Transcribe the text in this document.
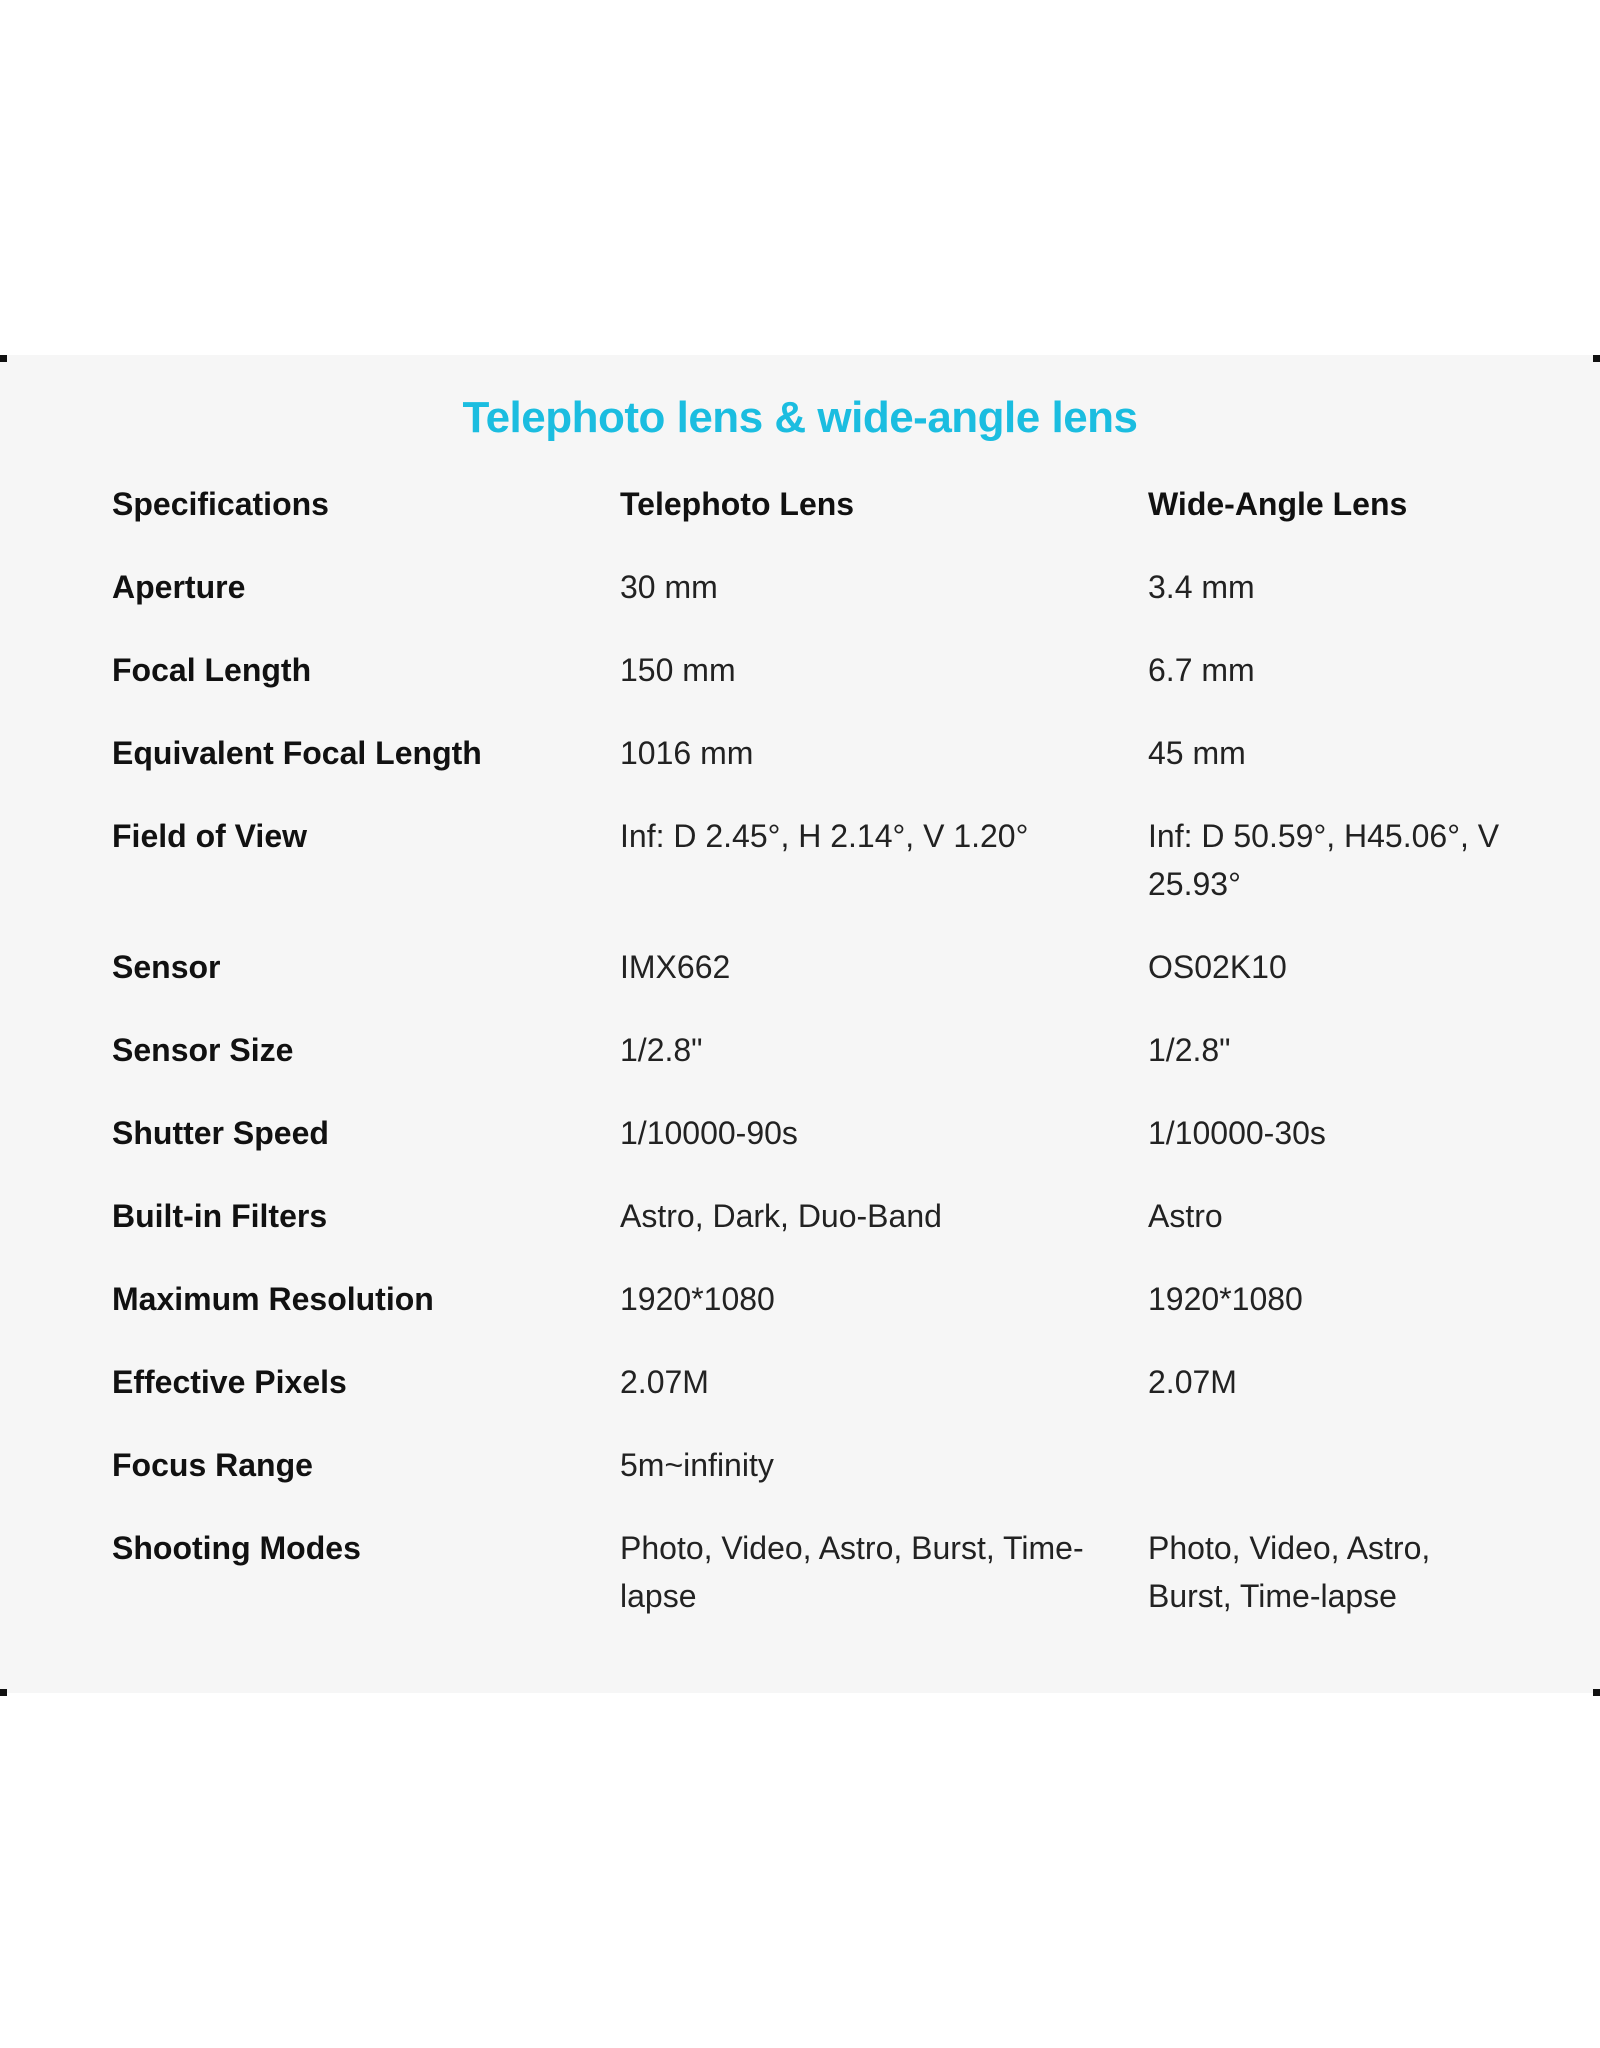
Telephoto lens & wide-angle lens
Specifications	Telephoto Lens	Wide-Angle Lens
Aperture	30 mm	3.4 mm
Focal Length	150 mm	6.7 mm
Equivalent Focal Length	1016 mm	45 mm
Field of View	Inf: D 2.45°, H 2.14°, V 1.20°	Inf: D 50.59°, H45.06°, V 25.93°
Sensor	IMX662	OS02K10
Sensor Size	1/2.8"	1/2.8"
Shutter Speed	1/10000-90s	1/10000-30s
Built-in Filters	Astro, Dark, Duo-Band	Astro
Maximum Resolution	1920*1080	1920*1080
Effective Pixels	2.07M	2.07M
Focus Range	5m~infinity	
Shooting Modes	Photo, Video, Astro, Burst, Time-lapse	Photo, Video, Astro, Burst, Time-lapse
